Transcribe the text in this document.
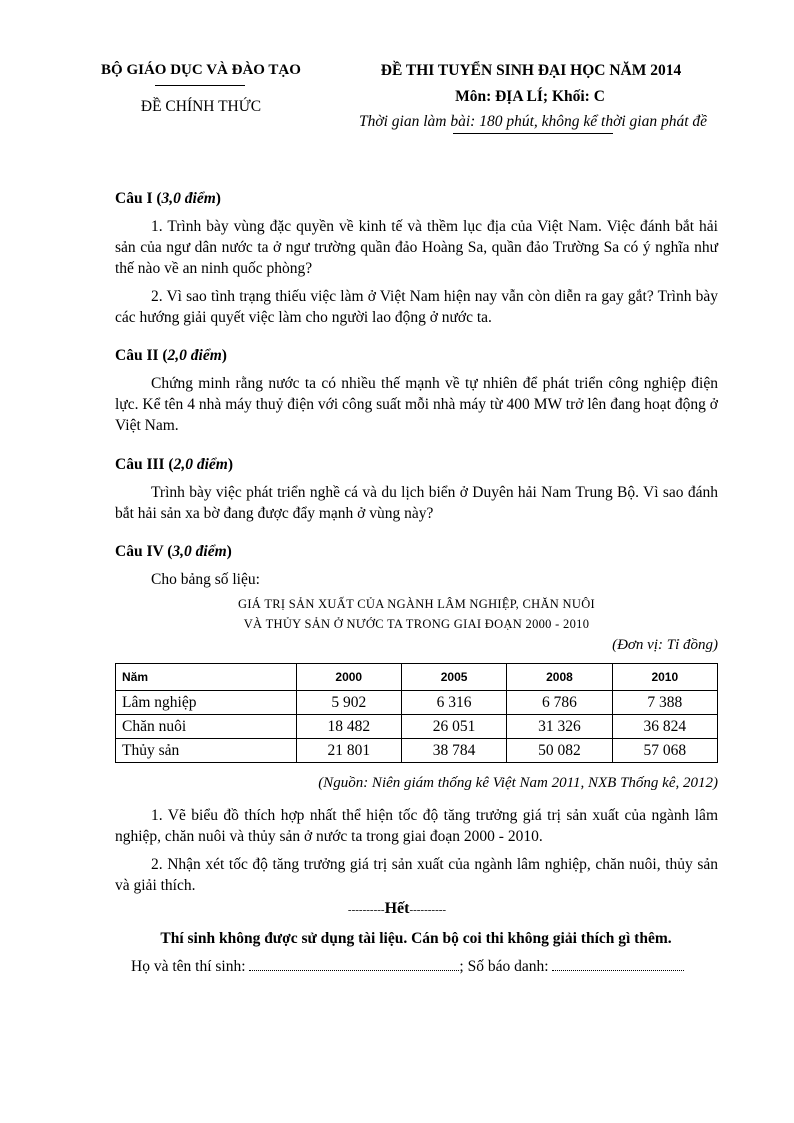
BỘ GIÁO DỤC VÀ ĐÀO TẠO
ĐỀ CHÍNH THỨC
ĐỀ THI TUYỂN SINH ĐẠI HỌC NĂM 2014
Môn: ĐỊA LÍ; Khối: C
Thời gian làm bài: 180 phút, không kể thời gian phát đề

Câu I (3,0 điểm)

1. Trình bày vùng đặc quyền về kinh tế và thềm lục địa của Việt Nam. Việc đánh bắt hải sản của ngư dân nước ta ở ngư trường quần đảo Hoàng Sa, quần đảo Trường Sa có ý nghĩa như thế nào về an ninh quốc phòng?

2. Vì sao tình trạng thiếu việc làm ở Việt Nam hiện nay vẫn còn diễn ra gay gắt? Trình bày các hướng giải quyết việc làm cho người lao động ở nước ta.

Câu II (2,0 điểm)

Chứng minh rằng nước ta có nhiều thế mạnh về tự nhiên để phát triển công nghiệp điện lực. Kể tên 4 nhà máy thuỷ điện với công suất mỗi nhà máy từ 400 MW trở lên đang hoạt động ở Việt Nam.

Câu III (2,0 điểm)

Trình bày việc phát triển nghề cá và du lịch biển ở Duyên hải Nam Trung Bộ. Vì sao đánh bắt hải sản xa bờ đang được đẩy mạnh ở vùng này?

Câu IV (3,0 điểm)

Cho bảng số liệu:

GIÁ TRỊ SẢN XUẤT CỦA NGÀNH LÂM NGHIỆP, CHĂN NUÔI
VÀ THỦY SẢN Ở NƯỚC TA TRONG GIAI ĐOẠN 2000 - 2010
(Đơn vị: Tỉ đồng)
Năm	2000	2005	2008	2010
Lâm nghiệp	5 902	6 316	6 786	7 388
Chăn nuôi	18 482	26 051	31 326	36 824
Thủy sản	21 801	38 784	50 082	57 068
(Nguồn: Niên giám thống kê Việt Nam 2011, NXB Thống kê, 2012)

1. Vẽ biểu đồ thích hợp nhất thể hiện tốc độ tăng trưởng giá trị sản xuất của ngành lâm nghiệp, chăn nuôi và thủy sản ở nước ta trong giai đoạn 2000 - 2010.

2. Nhận xét tốc độ tăng trưởng giá trị sản xuất của ngành lâm nghiệp, chăn nuôi, thủy sản và giải thích.

----------Hết----------
Thí sinh không được sử dụng tài liệu. Cán bộ coi thi không giải thích gì thêm.
Họ và tên thí sinh:	; Số báo danh:
